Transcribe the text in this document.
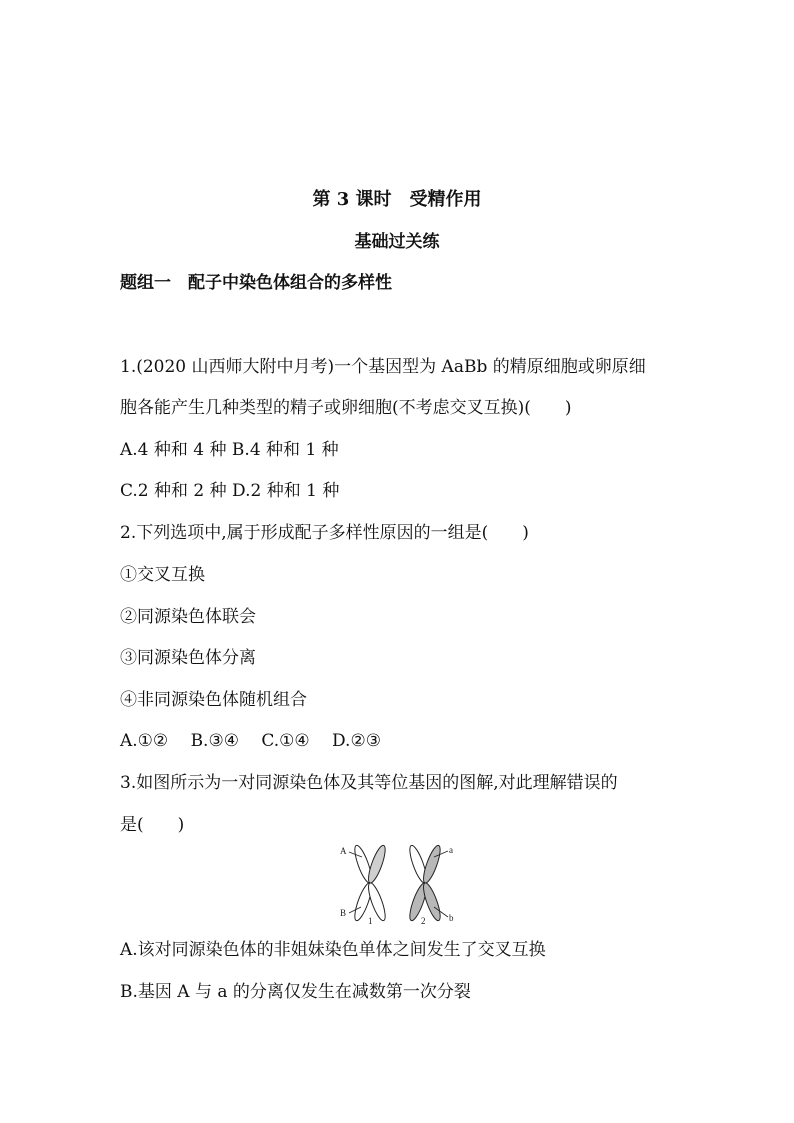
第 3 课时　受精作用
基础过关练
题组一　配子中染色体组合的多样性
1.(2020 山西师大附中月考)一个基因型为 AaBb 的精原细胞或卵原细
胞各能产生几种类型的精子或卵细胞(不考虑交叉互换)(　　)
A.4 种和 4 种 B.4 种和 1 种
C.2 种和 2 种 D.2 种和 1 种
2.下列选项中,属于形成配子多样性原因的一组是(　　)
①交叉互换
②同源染色体联会
③同源染色体分离
④非同源染色体随机组合
A.①②　 B.③④　 C.①④　 D.②③
3.如图所示为一对同源染色体及其等位基因的图解,对此理解错误的
是(　　)
A
B
a
b
1	2
A.该对同源染色体的非姐妹染色单体之间发生了交叉互换
B.基因 A 与 a 的分离仅发生在减数第一次分裂
